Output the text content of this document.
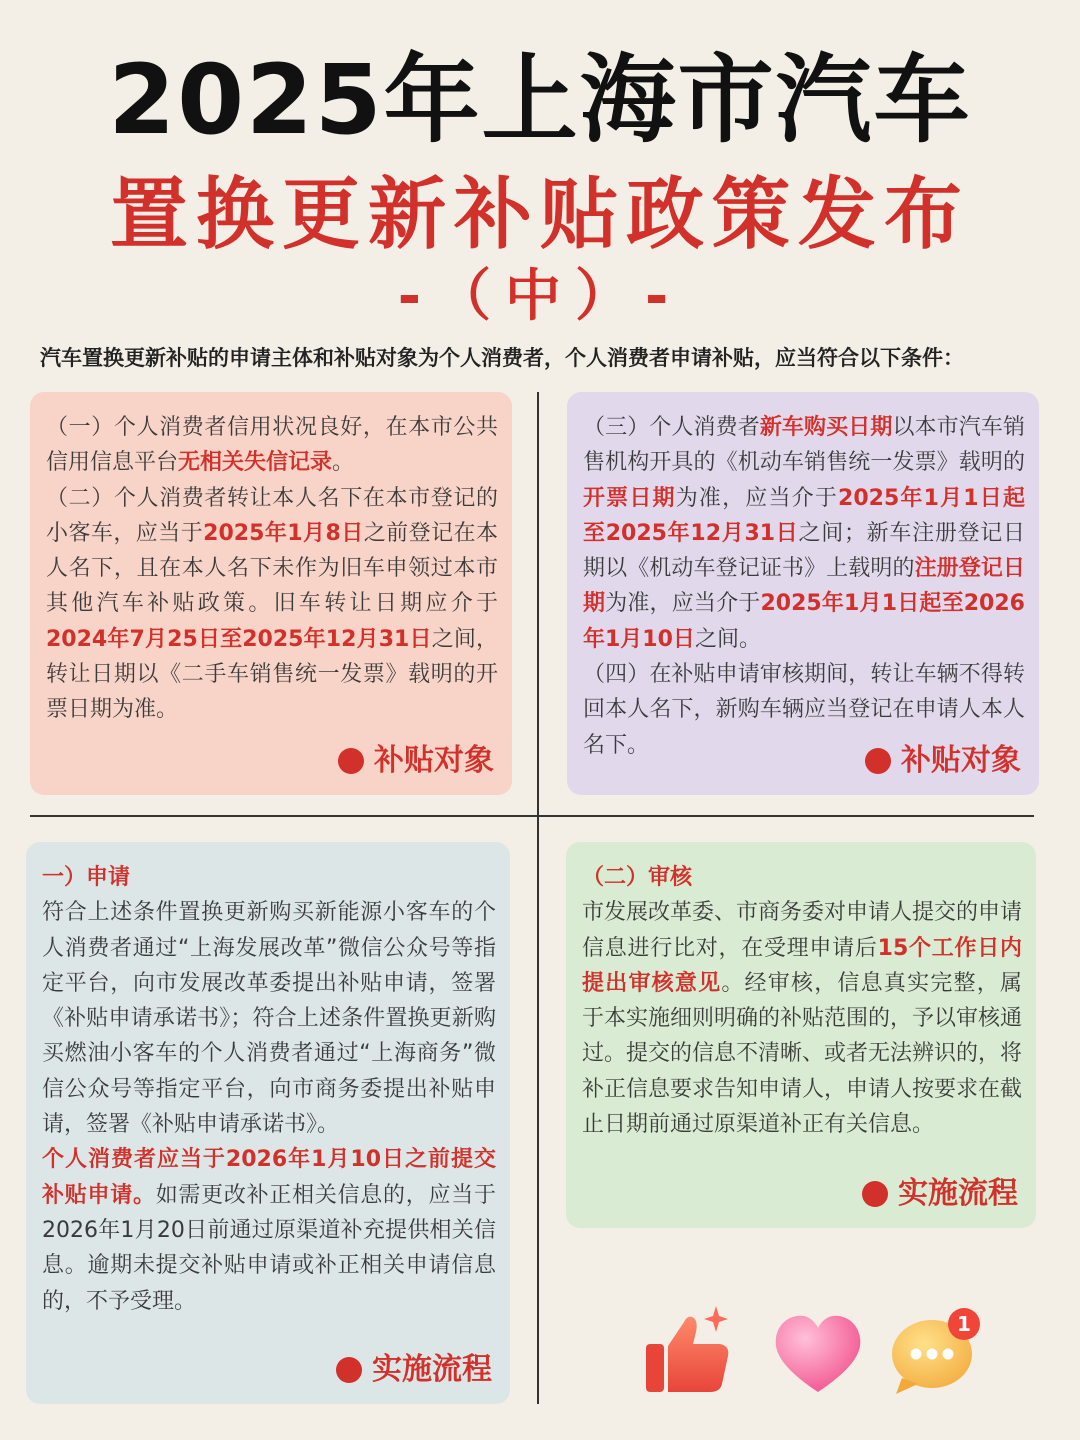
2025年上海市汽车
置换更新补贴政策发布
-（中）-
汽车置换更新补贴的申请主体和补贴对象为个人消费者，个人消费者申请补贴，应当符合以下条件：

（一）个人消费者信用状况良好，在本市公共信用信息平台无相关失信记录。

（二）个人消费者转让本人名下在本市登记的小客车，应当于2025年1月8日之前登记在本人名下，且在本人名下未作为旧车申领过本市其他汽车补贴政策。旧车转让日期应介于2024年7月25日至2025年12月31日之间，转让日期以《二手车销售统一发票》载明的开票日期为准。

补贴对象

（三）个人消费者新车购买日期以本市汽车销售机构开具的《机动车销售统一发票》载明的开票日期为准，应当介于2025年1月1日起至2025年12月31日之间；新车注册登记日期以《机动车登记证书》上载明的注册登记日期为准，应当介于2025年1月1日起至2026年1月10日之间。

（四）在补贴申请审核期间，转让车辆不得转回本人名下，新购车辆应当登记在申请人本人名下。	补贴对象

一）申请

符合上述条件置换更新购买新能源小客车的个人消费者通过“上海发展改革”微信公众号等指定平台，向市发展改革委提出补贴申请，签署《补贴申请承诺书》；符合上述条件置换更新购买燃油小客车的个人消费者通过“上海商务”微信公众号等指定平台，向市商务委提出补贴申请，签署《补贴申请承诺书》。

个人消费者应当于2026年1月10日之前提交补贴申请。如需更改补正相关信息的，应当于2026年1月20日前通过原渠道补充提供相关信息。逾期未提交补贴申请或补正相关申请信息的，不予受理。

实施流程

（二）审核

市发展改革委、市商务委对申请人提交的申请信息进行比对，在受理申请后15个工作日内提出审核意见。经审核，信息真实完整，属于本实施细则明确的补贴范围的，予以审核通过。提交的信息不清晰、或者无法辨识的，将补正信息要求告知申请人，申请人按要求在截止日期前通过原渠道补正有关信息。

实施流程
1
